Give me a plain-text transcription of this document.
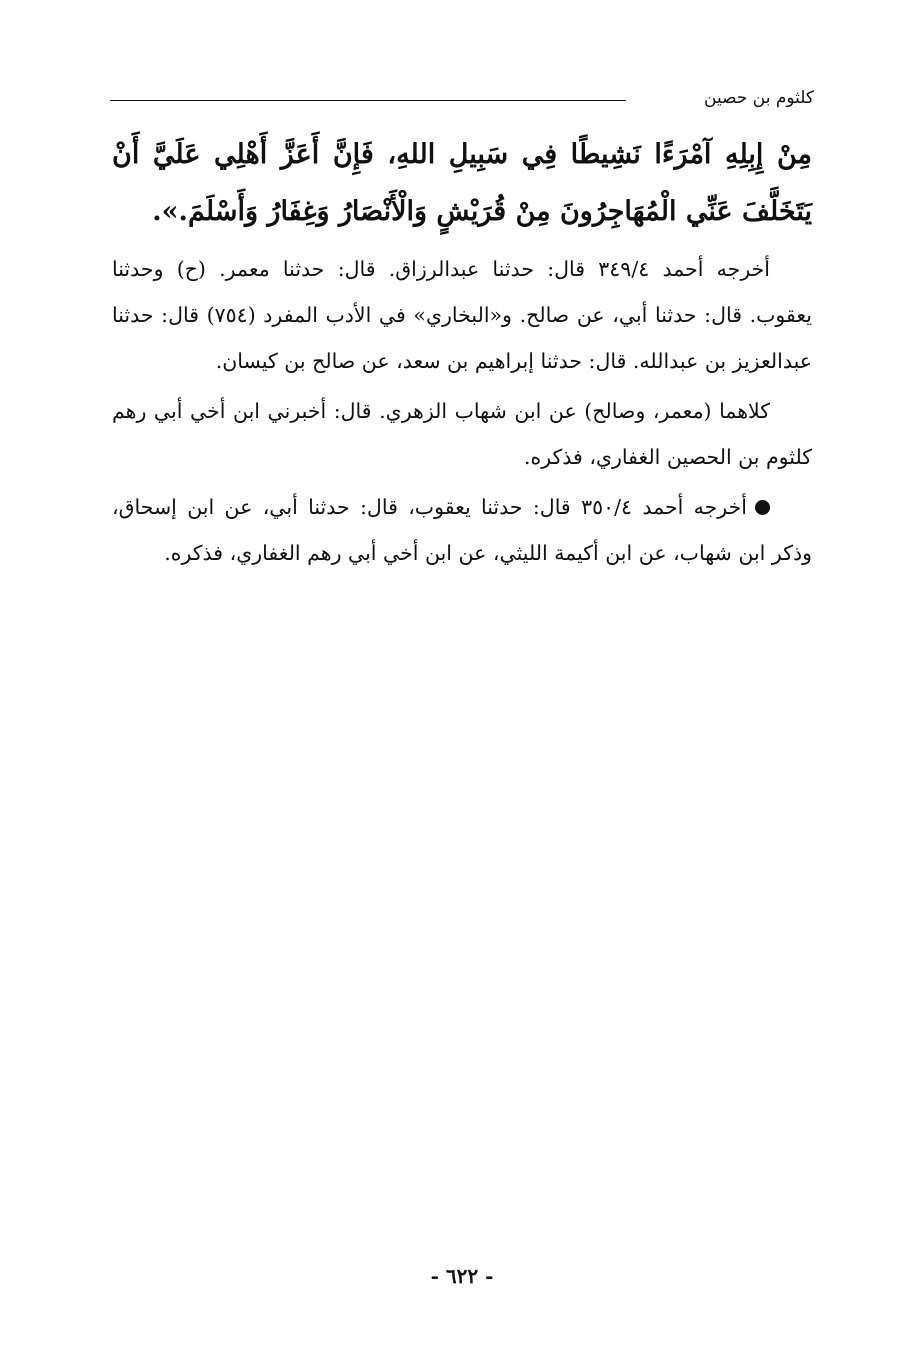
كلثوم بن حصين

مِنْ إِبِلِهِ آمْرَءًا نَشِيطًا فِي سَبِيلِ اللهِ، فَإِنَّ أَعَزَّ أَهْلِي عَلَيَّ أَنْ يَتَخَلَّفَ عَنِّي الْمُهَاجِرُونَ مِنْ قُرَيْشٍ وَالْأَنْصَارُ وَغِفَارُ وَأَسْلَمَ.».

أخرجه أحمد ٣٤٩/٤ قال: حدثنا عبدالرزاق. قال: حدثنا معمر. (ح) وحدثنا يعقوب. قال: حدثنا أبي، عن صالح. و«البخاري» في الأدب المفرد (٧٥٤) قال: حدثنا عبدالعزيز بن عبدالله. قال: حدثنا إبراهيم بن سعد، عن صالح بن كيسان.

كلاهما (معمر، وصالح) عن ابن شهاب الزهري. قال: أخبرني ابن أخي أبي رهم كلثوم بن الحصين الغفاري، فذكره.

أخرجه أحمد ٣٥٠/٤ قال: حدثنا يعقوب، قال: حدثنا أبي، عن ابن إسحاق، وذكر ابن شهاب، عن ابن أكيمة الليثي، عن ابن أخي أبي رهم الغفاري، فذكره.

- ٦٢٢ -
